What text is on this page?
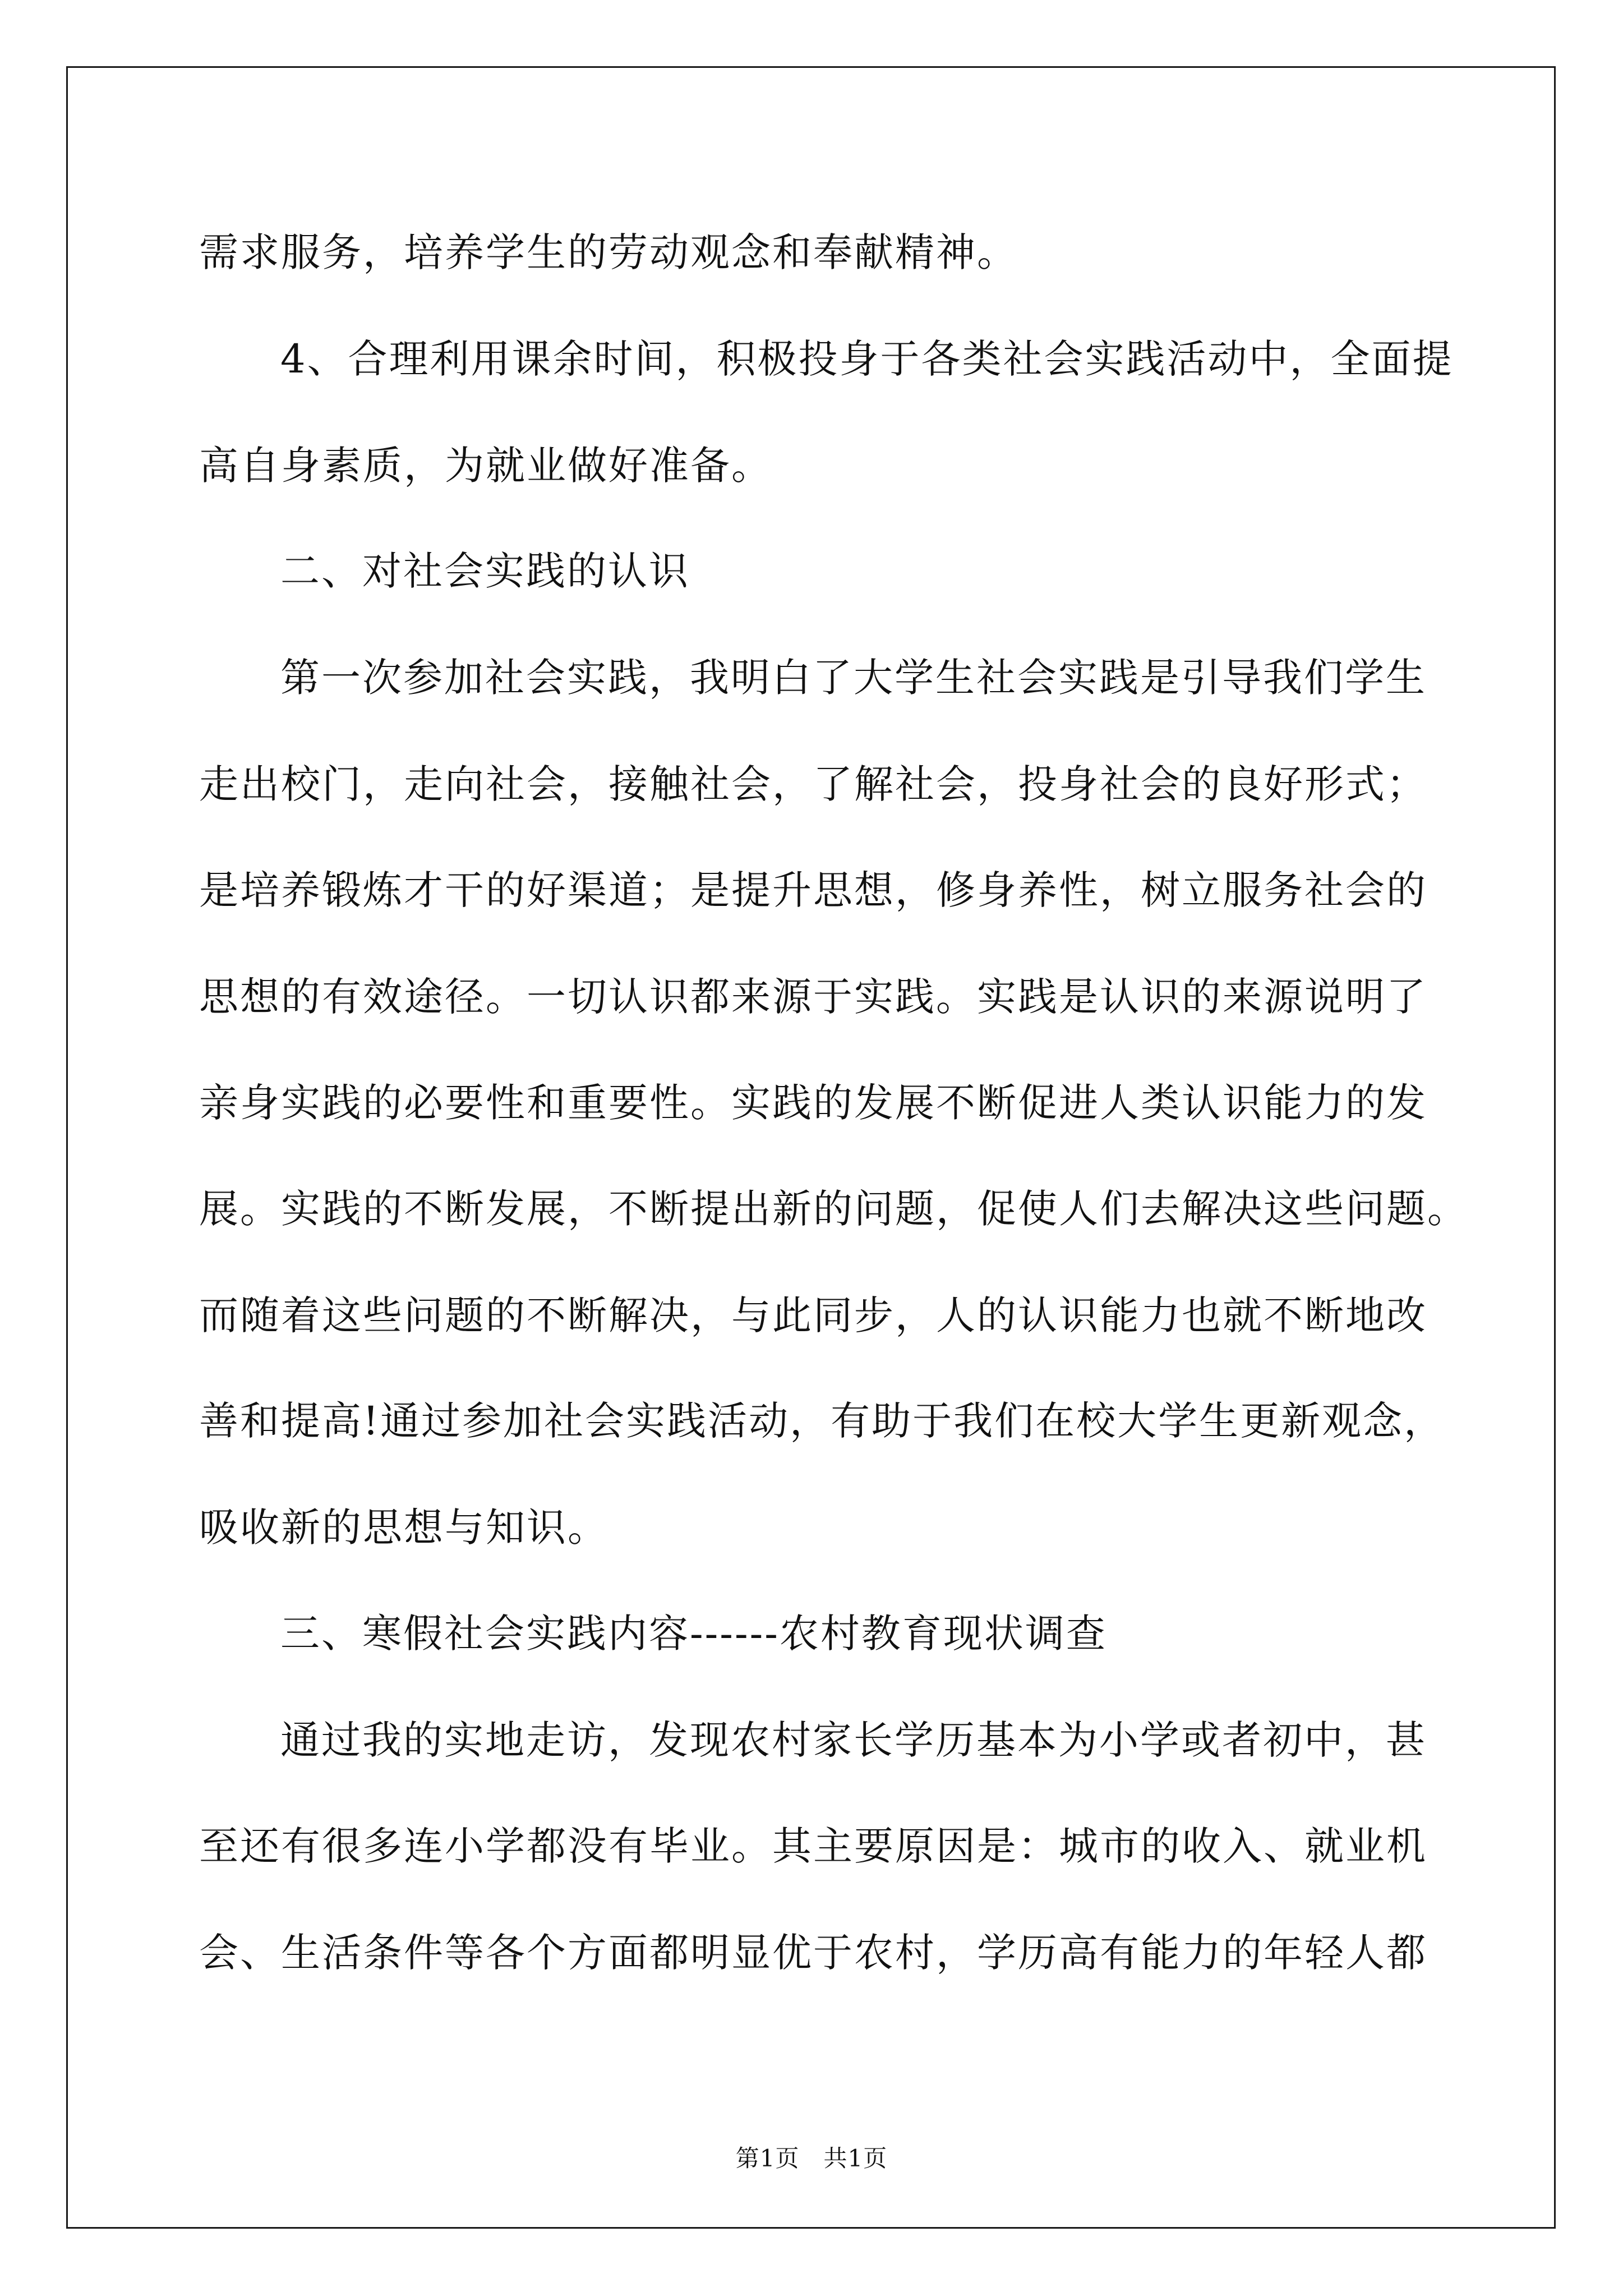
需求服务，培养学生的劳动观念和奉献精神。
4、合理利用课余时间，积极投身于各类社会实践活动中，全面提
高自身素质，为就业做好准备。
二、对社会实践的认识
第一次参加社会实践，我明白了大学生社会实践是引导我们学生
走出校门，走向社会，接触社会，了解社会，投身社会的良好形式；
是培养锻炼才干的好渠道；是提升思想，修身养性，树立服务社会的
思想的有效途径。一切认识都来源于实践。实践是认识的来源说明了
亲身实践的必要性和重要性。实践的发展不断促进人类认识能力的发
展。实践的不断发展，不断提出新的问题，促使人们去解决这些问题。
而随着这些问题的不断解决，与此同步，人的认识能力也就不断地改
善和提高!通过参加社会实践活动，有助于我们在校大学生更新观念，
吸收新的思想与知识。
三、寒假社会实践内容------农村教育现状调查
通过我的实地走访，发现农村家长学历基本为小学或者初中，甚
至还有很多连小学都没有毕业。其主要原因是：城市的收入、就业机
会、生活条件等各个方面都明显优于农村，学历高有能力的年轻人都
第1页　共1页
